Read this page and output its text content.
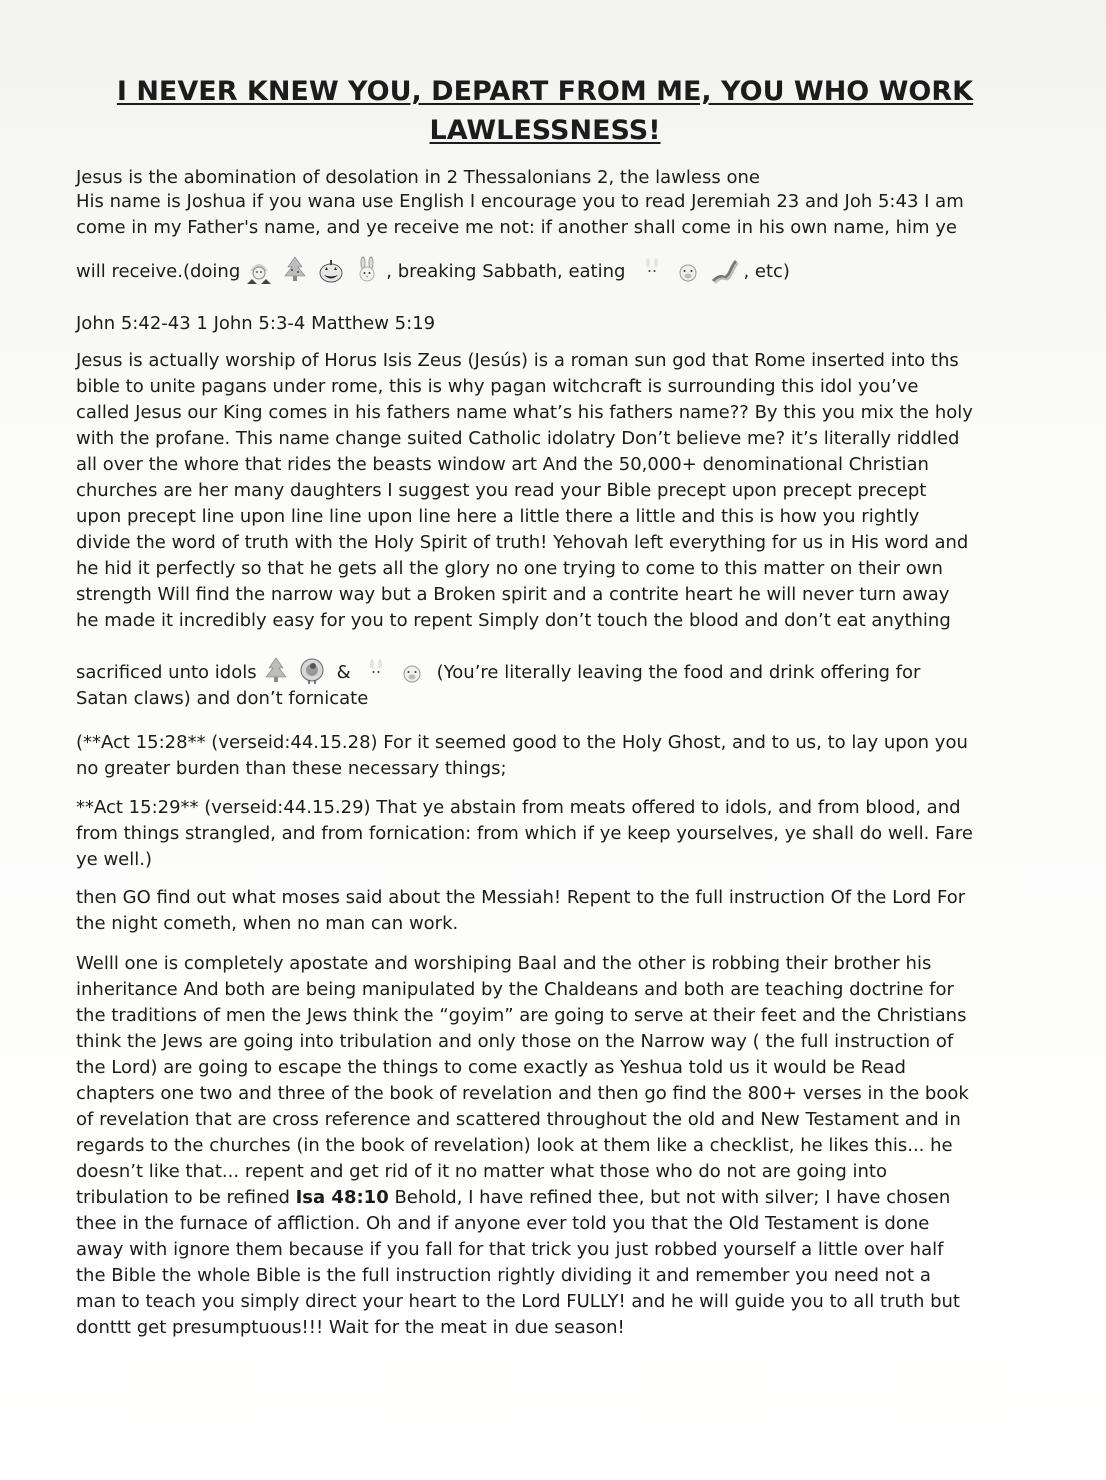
I NEVER KNEW YOU, DEPART FROM ME, YOU WHO WORK
LAWLESSNESS!
Jesus is the abomination of desolation in 2 Thessalonians 2, the lawless one
His name is Joshua if you wana use English I encourage you to read Jeremiah 23 and Joh 5:43 I am
come in my Father's name, and ye receive me not: if another shall come in his own name, him ye
will receive.(doing	, breaking Sabbath, eating	, etc)
John 5:42-43 1 John 5:3-4 Matthew 5:19
Jesus is actually worship of Horus Isis Zeus (Jesús) is a roman sun god that Rome inserted into ths
bible to unite pagans under rome, this is why pagan witchcraft is surrounding this idol you’ve
called Jesus our King comes in his fathers name what’s his fathers name?? By this you mix the holy
with the profane. This name change suited Catholic idolatry Don’t believe me? it’s literally riddled
all over the whore that rides the beasts window art And the 50,000+ denominational Christian
churches are her many daughters I suggest you read your Bible precept upon precept precept
upon precept line upon line line upon line here a little there a little and this is how you rightly
divide the word of truth with the Holy Spirit of truth! Yehovah left everything for us in His word and
he hid it perfectly so that he gets all the glory no one trying to come to this matter on their own
strength Will find the narrow way but a Broken spirit and a contrite heart he will never turn away
he made it incredibly easy for you to repent Simply don’t touch the blood and don’t eat anything
sacrificed unto idols	&	(You’re literally leaving the food and drink offering for
Satan claws) and don’t fornicate
(**Act 15:28** (verseid:44.15.28) For it seemed good to the Holy Ghost, and to us, to lay upon you
no greater burden than these necessary things;
**Act 15:29** (verseid:44.15.29) That ye abstain from meats offered to idols, and from blood, and
from things strangled, and from fornication: from which if ye keep yourselves, ye shall do well. Fare
ye well.)
then GO find out what moses said about the Messiah! Repent to the full instruction Of the Lord For
the night cometh, when no man can work.
Welll one is completely apostate and worshiping Baal and the other is robbing their brother his
inheritance And both are being manipulated by the Chaldeans and both are teaching doctrine for
the traditions of men the Jews think the “goyim” are going to serve at their feet and the Christians
think the Jews are going into tribulation and only those on the Narrow way ( the full instruction of
the Lord) are going to escape the things to come exactly as Yeshua told us it would be Read
chapters one two and three of the book of revelation and then go find the 800+ verses in the book
of revelation that are cross reference and scattered throughout the old and New Testament and in
regards to the churches (in the book of revelation) look at them like a checklist, he likes this... he
doesn’t like that... repent and get rid of it no matter what those who do not are going into
tribulation to be refined Isa 48:10 Behold, I have refined thee, but not with silver; I have chosen
thee in the furnace of affliction. Oh and if anyone ever told you that the Old Testament is done
away with ignore them because if you fall for that trick you just robbed yourself a little over half
the Bible the whole Bible is the full instruction rightly dividing it and remember you need not a
man to teach you simply direct your heart to the Lord FULLY! and he will guide you to all truth but
donttt get presumptuous!!! Wait for the meat in due season!
